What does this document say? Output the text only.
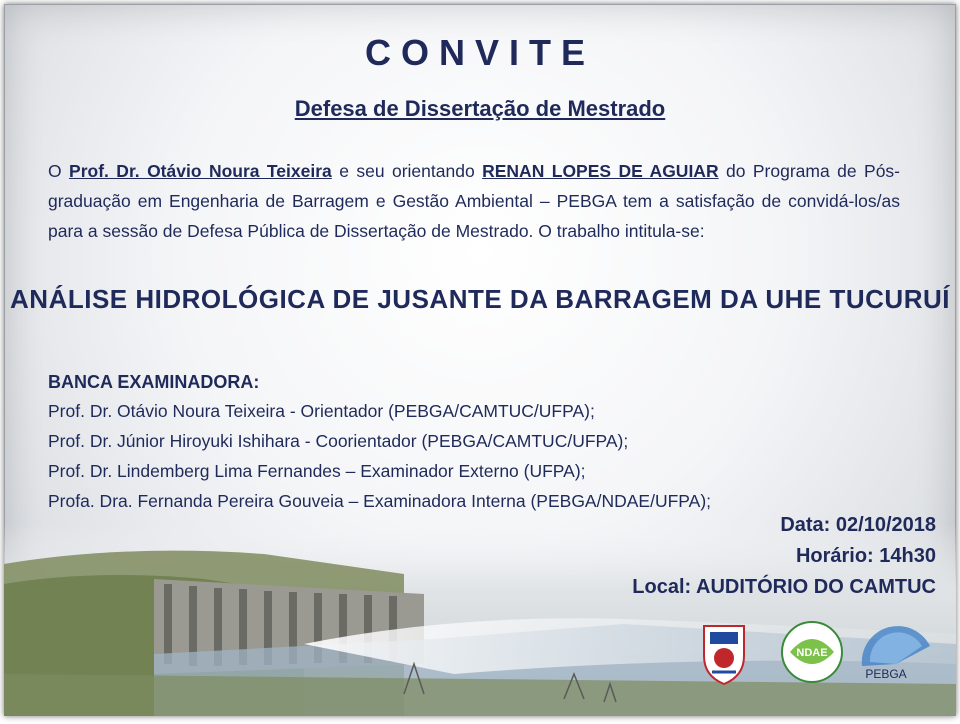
CONVITE
Defesa de Dissertação de Mestrado
O Prof. Dr. Otávio Noura Teixeira e seu orientando RENAN LOPES DE AGUIAR do Programa de Pós-graduação em Engenharia de Barragem e Gestão Ambiental – PEBGA tem a satisfação de convidá-los/as para a sessão de Defesa Pública de Dissertação de Mestrado. O trabalho intitula-se:
ANÁLISE HIDROLÓGICA DE JUSANTE DA BARRAGEM DA UHE TUCURUÍ
BANCA EXAMINADORA:
Prof. Dr. Otávio Noura Teixeira - Orientador (PEBGA/CAMTUC/UFPA);
Prof. Dr. Júnior Hiroyuki Ishihara - Coorientador (PEBGA/CAMTUC/UFPA);
Prof. Dr. Lindemberg Lima Fernandes – Examinador Externo (UFPA);
Profa. Dra. Fernanda Pereira Gouveia – Examinadora Interna (PEBGA/NDAE/UFPA);
Data: 02/10/2018
Horário: 14h30
Local: AUDITÓRIO DO CAMTUC
NDAE
PEBGA
